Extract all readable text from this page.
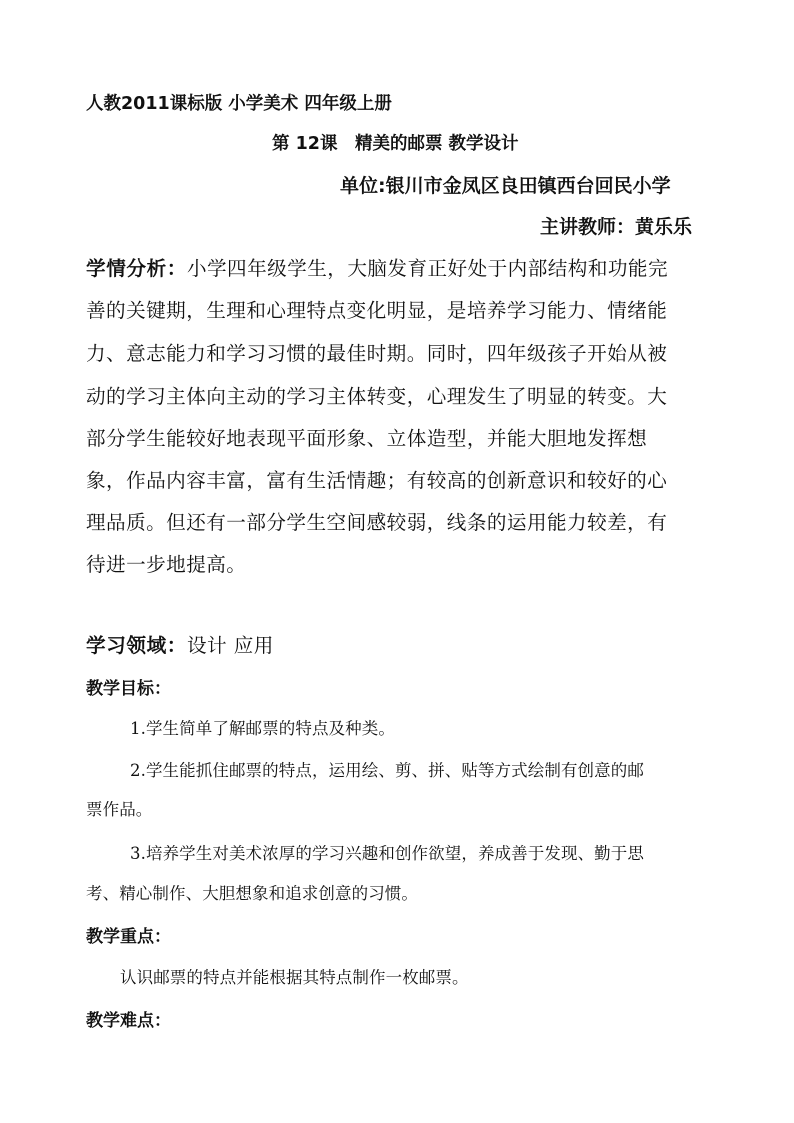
人教2011课标版 小学美术 四年级上册
第 12课　精美的邮票 教学设计
单位:银川市金凤区良田镇西台回民小学
主讲教师：黄乐乐
学情分析：小学四年级学生，大脑发育正好处于内部结构和功能完
善的关键期，生理和心理特点变化明显，是培养学习能力、情绪能
力、意志能力和学习习惯的最佳时期。同时，四年级孩子开始从被
动的学习主体向主动的学习主体转变，心理发生了明显的转变。大
部分学生能较好地表现平面形象、立体造型，并能大胆地发挥想
象，作品内容丰富，富有生活情趣；有较高的创新意识和较好的心
理品质。但还有一部分学生空间感较弱，线条的运用能力较差，有
待进一步地提高。
学习领域：设计 应用
教学目标：
1.学生简单了解邮票的特点及种类。
2.学生能抓住邮票的特点，运用绘、剪、拼、贴等方式绘制有创意的邮
票作品。
3.培养学生对美术浓厚的学习兴趣和创作欲望，养成善于发现、勤于思
考、精心制作、大胆想象和追求创意的习惯。
教学重点：
认识邮票的特点并能根据其特点制作一枚邮票。
教学难点：
